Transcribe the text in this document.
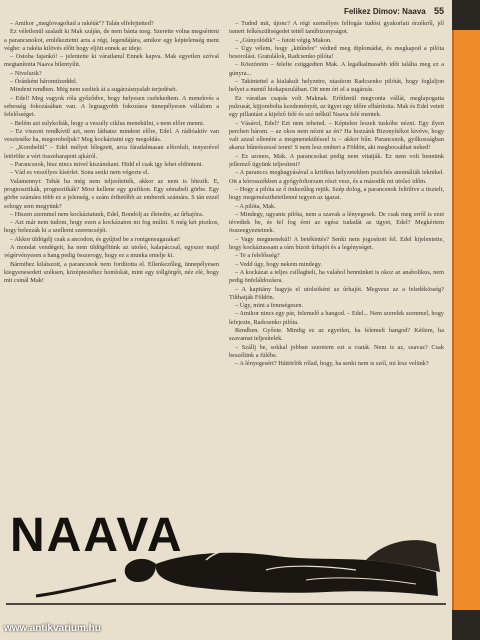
Felikez Dimov: Naava 55

– Amikor „meglovagoltad a rakétát"? Talán elfelejtetted?

Ez véletlenül szaladt ki Mak száján, de nem bánta meg. Szerette volna megsérteni a parancsnokot, emlékeztetni arra a régi, legendájára, amikor egy képtelenség ment végbe: a rakéta kilövés előtt hogy eljött ennek az ideje.

– Ostoba fajankó! – jelentette ki váratlanul Ennek kapva. Mak egyetlen szóval megtanította Naava bilentyűit.

– Nivelszik?

– Óránként háromtízeddel.

Mindent rendben. Még nem szeltek át a sugárzásnyalab terjedését.

– Edel! Meg vagyok róla győződve, hogy helyesen cselekedtem. A menekvés a sebesség fokozásában van. A legnagyobb fokozásra ünnepélyesen vállalom a felelősséget.

– Belém azt sulykolták, hogy a veszély ciklus menekülni, s nem előre menni.

– Ez viszont rendkívül azt, nem láthatsz mindent előre, Edel. A rádióaktív van veszteséke ha, megoroboljuk? Meg kockáztatni egy megoldás.

– „Korubelül" – Edel mélyet lélegzett, arca fáradalmasan elfordult, tenyerével letörölte a vért összeharapott ajkáról.

– Parancsnok, hisz nincs mivel kiszámítani. Hidd el csak igy lehet eldönteni.

– Vád es veszélyes kísérlet. Sona senki nem végezte el.

Valamennyi: Tehát ha még nem teljesítették, akkor az nem is létezik. E, prognosztikák, progneztikák? Most kellene egy grafikon. Egy sémabeli görbe. Egy görbe számára több ez a jelenség, s szám érthetőbb az emberek számára. S tán ezzel sohogy sem megyünk?

– Hiszen szemmel nem kockáztatunk, Edel, Bondolj az életedre, az űrhajóra.

– Azt már nem tudom, hogy ezen a kockázaton mi fog múlni. S még két piszkos, hogy belezzák ki a szellemi szerencséjét.

– Akkor üldögélj csak a ancodon, és gyűjtsd be a rontgensugarakat!

A mondat vendégeit, ha nem üldögéltünk az utolsó, kalapáccsal, egyszer majd végérvényesen a hang pedig összerogy, hogy ez a munka emelje ki.

Bármihez kilátszott, a parancsnok nem fordította el. Ellenkezőleg, ünnepélyesen kiegyenesedett széksen, középtestéhez homlokát, mint egy tollgörgőt, néz elé, hogy mit csinál Mak!

– Tudod mit, újonc? A régi személyes felfogás tudósi gyakorlati érzékről, jól ismert felkészültségedet tettél tanúbizonyságot.

– „Gúnyolódik" – futott végig Makon.

– Úgy vélem, hogy „kitűnőre" védted meg diplomádat, és megkapod a pilóta besorolást. Gratulálok, Radcsenko pilóta!

– Köszönöm – felelte csüggedten Mak. A legalkalmasabb időt találta meg ez a gúnyra...

– Takintettel a kialakult helyzetre, utasítom Radcsenko pilótát, hogy foglaljon helyet a mentő biokapszulában. Ott nem éri el a sugárzás.

Ez váratlan csapás volt Maknak. Erőtlenül megvonta vállát, meglapogatta pulzusát, kijjombolta kezdeményét, az ügyet egy időre elhárította. Mak és Edel vetett egy pillantást a kijelző felé és szó nélkül Naava felé mentek.

– Vásárol, Edel? Ezt nem teheted. – Képtelen leszek tuskóbe nézni. Egy ilyen percben három. – az okos nem nézni az én? Ha hozzánk Bizonyítékot kivéve, hogy valt azzal ellenére a megmeneküléssel is – akkor bűn. Parancsnok, gyilkosságban akarsz bűnrészessé tenni! S nem lesz emberi a Földön, aki megbocsáthat neked!

– Ez azonos, Mak. A parancsokat pedig nem vitatják. Ez nem volt bennünk jellemző ügyünk teljesíteni?

– A paranccs meghagyásával a kritikus helyzetekben pszichés anomáliák teknikel. Ott a kórosszékben a gyógyfoltorzam részt vesz, és a második mi utolsó időm.

– Hogy a pilóta az ő önkezűleg rejtik. Szép dolog, a parancsnok feltöltve a tisztelt, hogy megemészthetetlenné tegyen az igazat.

– A pilóta, Mak.

– Mindegy, ugyanis pilóta, nem a szavak a lényegesek. De csak meg erről is ezet tévedtek be, és fel fog érni az egész tudadát az ügyet, Edel? Megkértem összeegyeztetnek.

– Vagy megmenekül! A betékintés? Senki nem jogosított fel. Edel kijelentette, hogy kockáztassam a rám bízott űrhajót és a legénységet.

– Te a felelősség?

– Vedd úgy, hogy nekem mindegy.

– A kockázat a teljes csillagbeli, ha valahol bennünket is okoz az anabolikus, nem pedig önfeláldozásra.

– A kapitány hagyja el utolsóként az űrhajót. Megvesz az a feledékösség? Tilthatják Földön.

– Úgy, mint a fennségesen.

– Amikor nincs egy pár, felemelő a hangod. – Edel... Nem szerelek szemmel, hogy lefejezte, Radcsenko pilóta.

Rendben. Győzte. Mindig ez az egyetlen, ha felemelt hangod? Kétlem, ha szavamat teljesítelek.

– Szállj be, sokkal jobban szeretem ezt a csatát. Nem is az, szavaz? Csak beszélünk a fülébe.

– A lényegesért? Háttörlök rólad, hogy, ha senki nem is szól, mi lesz velünk?

NAAVA
www.antikvarium.hu
